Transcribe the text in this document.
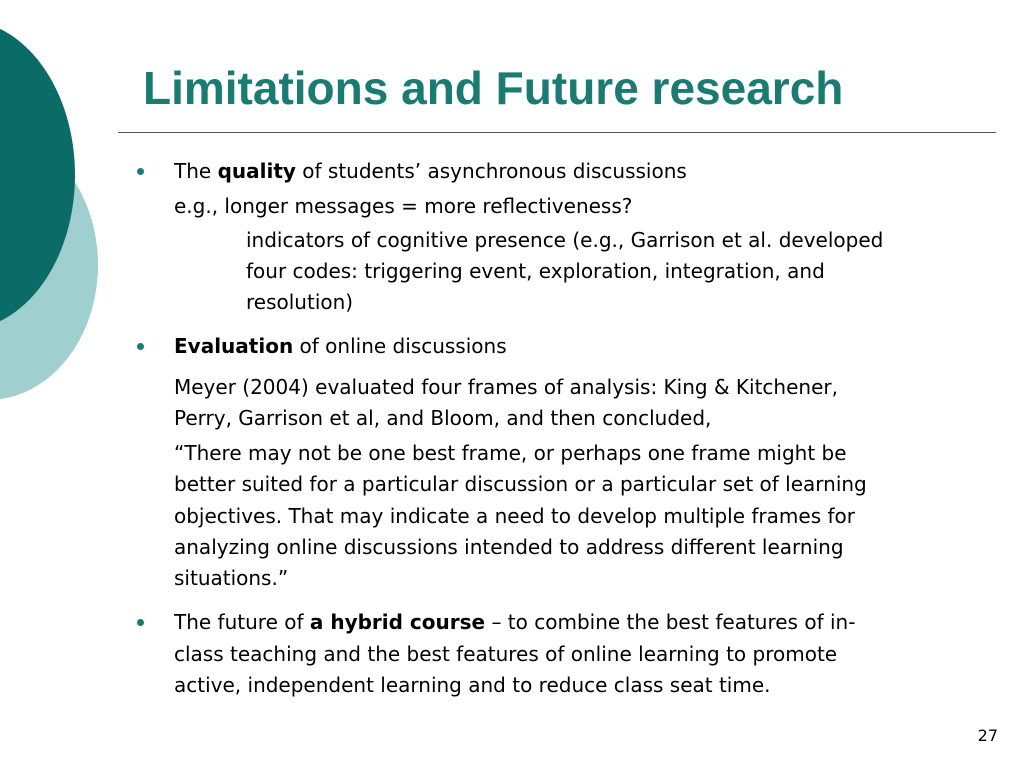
Limitations and Future research

The quality of students’ asynchronous discussions

e.g., longer messages = more reflectiveness?

indicators of cognitive presence (e.g., Garrison et al. developed

four codes: triggering event, exploration, integration, and

resolution)

Evaluation of online discussions

Meyer (2004) evaluated four frames of analysis: King & Kitchener,

Perry, Garrison et al, and Bloom, and then concluded,

“There may not be one best frame, or perhaps one frame might be

better suited for a particular discussion or a particular set of learning

objectives. That may indicate a need to develop multiple frames for

analyzing online discussions intended to address different learning

situations.”

The future of a hybrid course – to combine the best features of in-

class teaching and the best features of online learning to promote

active, independent learning and to reduce class seat time.

27
